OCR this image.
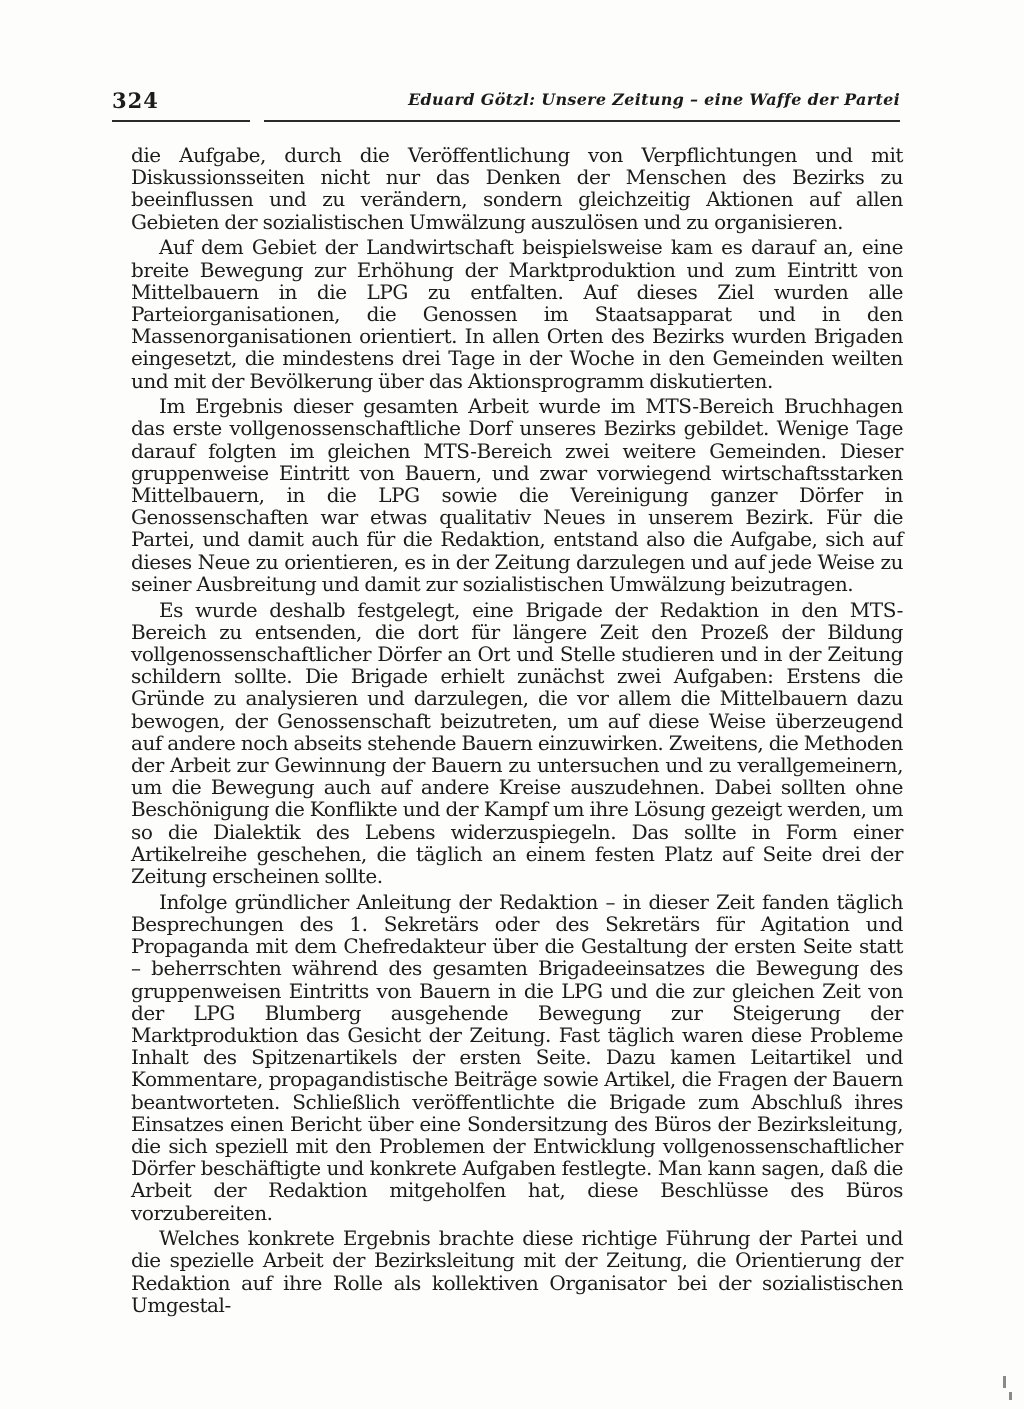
324	Eduard Götzl: Unsere Zeitung – eine Waffe der Partei

die Aufgabe, durch die Veröffentlichung von Verpflichtungen und mit Diskussionsseiten nicht nur das Denken der Menschen des Bezirks zu beeinflussen und zu verändern, sondern gleichzeitig Aktionen auf allen Gebieten der sozialistischen Umwälzung auszulösen und zu organisieren.

Auf dem Gebiet der Landwirtschaft beispielsweise kam es darauf an, eine breite Bewegung zur Erhöhung der Marktproduktion und zum Eintritt von Mittelbauern in die LPG zu entfalten. Auf dieses Ziel wurden alle Parteiorganisationen, die Genossen im Staatsapparat und in den Massenorganisationen orientiert. In allen Orten des Bezirks wurden Brigaden eingesetzt, die mindestens drei Tage in der Woche in den Gemeinden weilten und mit der Bevölkerung über das Aktionsprogramm diskutierten.

Im Ergebnis dieser gesamten Arbeit wurde im MTS-Bereich Bruchhagen das erste vollgenossenschaftliche Dorf unseres Bezirks gebildet. Wenige Tage darauf folgten im gleichen MTS-Bereich zwei weitere Gemeinden. Dieser gruppenweise Eintritt von Bauern, und zwar vorwiegend wirtschaftsstarken Mittelbauern, in die LPG sowie die Vereinigung ganzer Dörfer in Genossenschaften war etwas qualitativ Neues in unserem Bezirk. Für die Partei, und damit auch für die Redaktion, entstand also die Aufgabe, sich auf dieses Neue zu orientieren, es in der Zeitung darzulegen und auf jede Weise zu seiner Ausbreitung und damit zur sozialistischen Umwälzung beizutragen.

Es wurde deshalb festgelegt, eine Brigade der Redaktion in den MTS-Bereich zu entsenden, die dort für längere Zeit den Prozeß der Bildung vollgenossenschaftlicher Dörfer an Ort und Stelle studieren und in der Zeitung schildern sollte. Die Brigade erhielt zunächst zwei Aufgaben: Erstens die Gründe zu analysieren und darzulegen, die vor allem die Mittelbauern dazu bewogen, der Genossenschaft beizutreten, um auf diese Weise überzeugend auf andere noch abseits stehende Bauern einzuwirken. Zweitens, die Methoden der Arbeit zur Gewinnung der Bauern zu untersuchen und zu verallgemeinern, um die Bewegung auch auf andere Kreise auszudehnen. Dabei sollten ohne Beschönigung die Konflikte und der Kampf um ihre Lösung gezeigt werden, um so die Dialektik des Lebens widerzuspiegeln. Das sollte in Form einer Artikelreihe geschehen, die täglich an einem festen Platz auf Seite drei der Zeitung erscheinen sollte.

Infolge gründlicher Anleitung der Redaktion – in dieser Zeit fanden täglich Besprechungen des 1. Sekretärs oder des Sekretärs für Agitation und Propaganda mit dem Chefredakteur über die Gestaltung der ersten Seite statt – beherrschten während des gesamten Brigadeeinsatzes die Bewegung des gruppenweisen Eintritts von Bauern in die LPG und die zur gleichen Zeit von der LPG Blumberg ausgehende Bewegung zur Steigerung der Marktproduktion das Gesicht der Zeitung. Fast täglich waren diese Probleme Inhalt des Spitzenartikels der ersten Seite. Dazu kamen Leitartikel und Kommentare, propagandistische Beiträge sowie Artikel, die Fragen der Bauern beantworteten. Schließlich veröffentlichte die Brigade zum Abschluß ihres Einsatzes einen Bericht über eine Sondersitzung des Büros der Bezirksleitung, die sich speziell mit den Problemen der Entwicklung vollgenossenschaftlicher Dörfer beschäftigte und konkrete Aufgaben festlegte. Man kann sagen, daß die Arbeit der Redaktion mitgeholfen hat, diese Beschlüsse des Büros vorzubereiten.

Welches konkrete Ergebnis brachte diese richtige Führung der Partei und die spezielle Arbeit der Bezirksleitung mit der Zeitung, die Orientierung der Redaktion auf ihre Rolle als kollektiven Organisator bei der sozialistischen Umgestal-
